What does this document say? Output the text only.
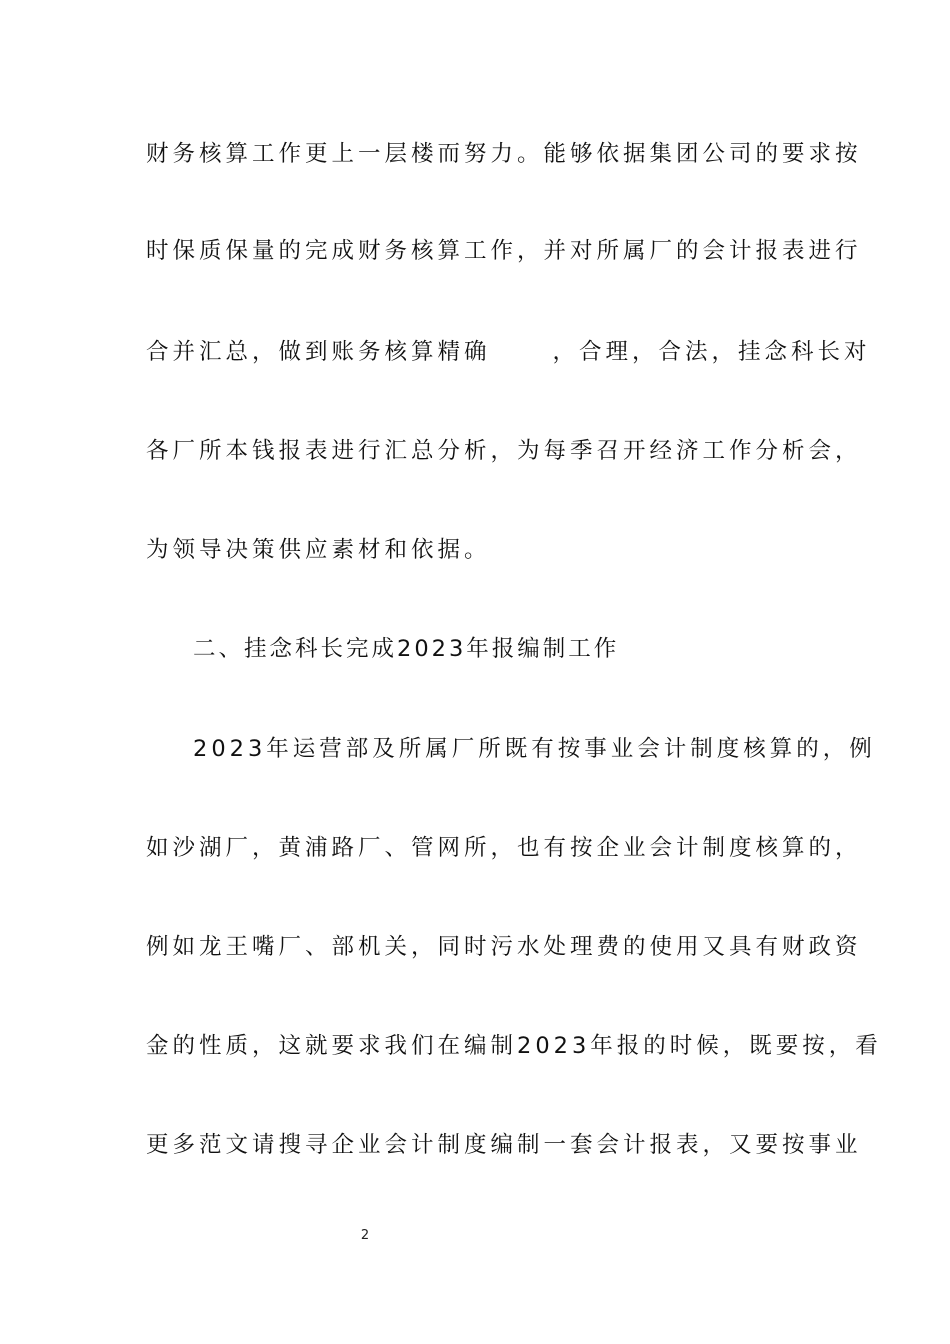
财务核算工作更上一层楼而努力。能够依据集团公司的要求按
时保质保量的完成财务核算工作，并对所属厂的会计报表进行
合并汇总，做到账务核算精确	，合理，合法，挂念科长对
各厂所本钱报表进行汇总分析，为每季召开经济工作分析会，
为领导决策供应素材和依据。
二、挂念科长完成2023年报编制工作
2023年运营部及所属厂所既有按事业会计制度核算的，例
如沙湖厂，黄浦路厂、管网所，也有按企业会计制度核算的，
例如龙王嘴厂、部机关，同时污水处理费的使用又具有财政资
金的性质，这就要求我们在编制2023年报的时候，既要按，看
更多范文请搜寻企业会计制度编制一套会计报表，又要按事业
2
